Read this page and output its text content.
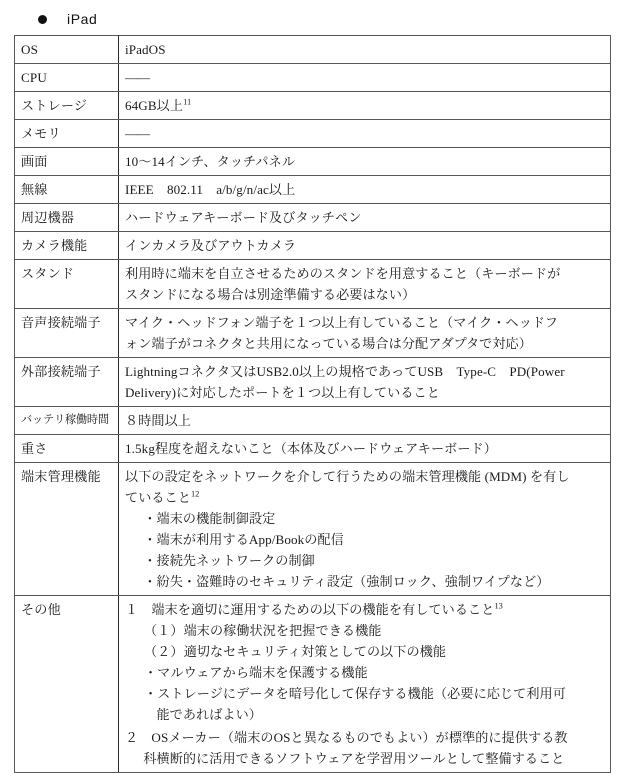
iPad
OS	iPadOS

CPU	——

ストレージ	64GB以上$^{11}$

メモリ	——

画面	10〜14インチ、タッチパネル

無線	IEEE　802.11　a/b/g/n/ac以上

周辺機器	ハードウェアキーボード及びタッチペン

カメラ機能	インカメラ及びアウトカメラ

スタンド	利用時に端末を自立させるためのスタンドを用意すること（キーボードが
スタンドになる場合は別途準備する必要はない）

音声接続端子	マイク・ヘッドフォン端子を１つ以上有していること（マイク・ヘッドフ
ォン端子がコネクタと共用になっている場合は分配アダプタで対応）

外部接続端子	Lightningコネクタ又はUSB2.0以上の規格であってUSB　Type-C　PD(Power
Delivery)に対応したポートを１つ以上有していること

バッテリ稼働時間	８時間以上

重さ	1.5kg程度を超えないこと（本体及びハードウェアキーボード）

端末管理機能	以下の設定をネットワークを介して行うための端末管理機能 (MDM) を有し
ていること$^{12}$
・端末の機能制御設定
・端末が利用するApp/Bookの配信
・接続先ネットワークの制御
・紛失・盗難時のセキュリティ設定（強制ロック、強制ワイプなど）

その他	１　端末を適切に運用するための以下の機能を有していること$^{13}$
（１）端末の稼働状況を把握できる機能
（２）適切なセキュリティ対策としての以下の機能
・マルウェアから端末を保護する機能
・ストレージにデータを暗号化して保存する機能（必要に応じて利用可
能であればよい）
２　OSメーカー（端末のOSと異なるものでもよい）が標準的に提供する教
科横断的に活用できるソフトウェアを学習用ツールとして整備すること
